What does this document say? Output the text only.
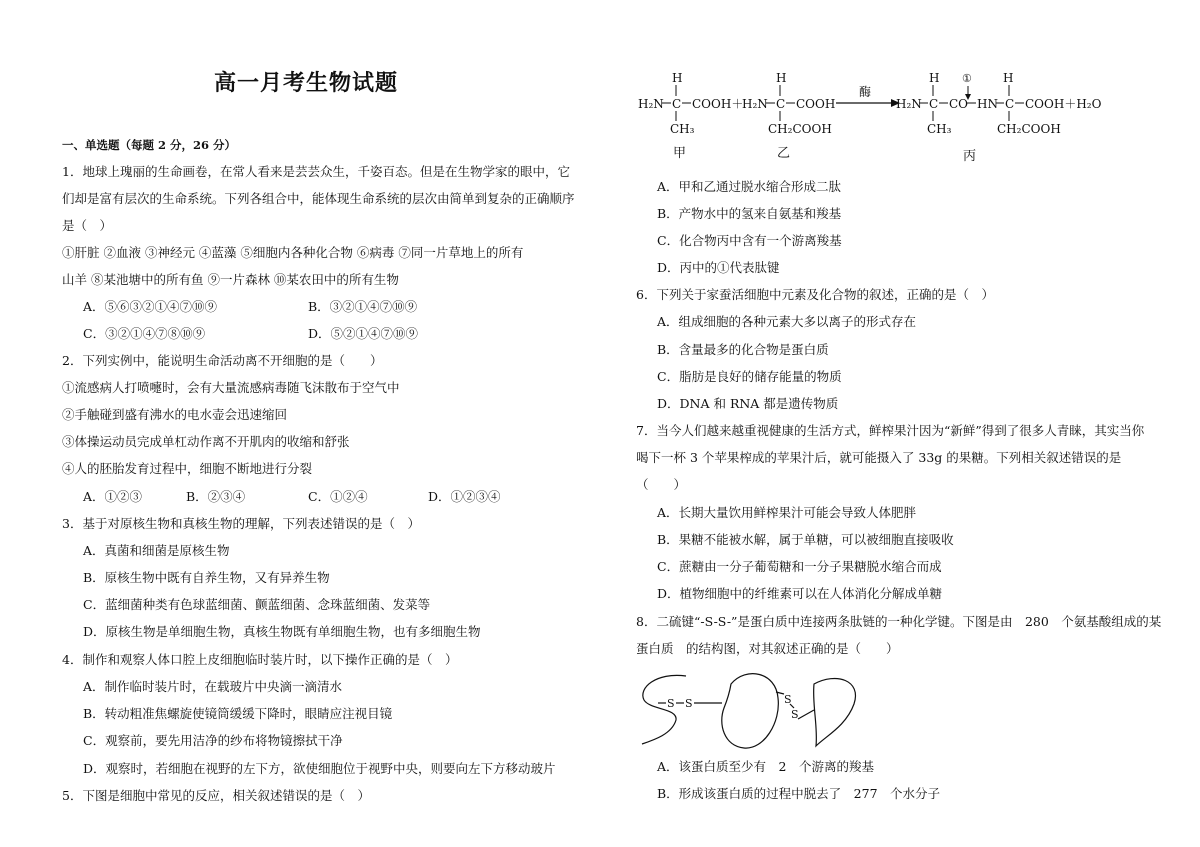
高一月考生物试题
一、单选题（每题 2 分，26 分）
1．地球上瑰丽的生命画卷，在常人看来是芸芸众生，千姿百态。但是在生物学家的眼中，它
们却是富有层次的生命系统。下列各组合中，能体现生命系统的层次由简单到复杂的正确顺序
是（　）
①肝脏 ②血液 ③神经元 ④蓝藻 ⑤细胞内各种化合物 ⑥病毒 ⑦同一片草地上的所有
山羊 ⑧某池塘中的所有鱼 ⑨一片森林 ⑩某农田中的所有生物
A．⑤⑥③②①④⑦⑩⑨	B．③②①④⑦⑩⑨
C．③②①④⑦⑧⑩⑨	D．⑤②①④⑦⑩⑨
2．下列实例中，能说明生命活动离不开细胞的是（　　）
①流感病人打喷嚏时，会有大量流感病毒随飞沫散布于空气中
②手触碰到盛有沸水的电水壶会迅速缩回
③体操运动员完成单杠动作离不开肌肉的收缩和舒张
④人的胚胎发育过程中，细胞不断地进行分裂
A．①②③	B．②③④	C．①②④	D．①②③④
3．基于对原核生物和真核生物的理解，下列表述错误的是（　）
A．真菌和细菌是原核生物
B．原核生物中既有自养生物，又有异养生物
C．蓝细菌种类有色球蓝细菌、颤蓝细菌、念珠蓝细菌、发菜等
D．原核生物是单细胞生物，真核生物既有单细胞生物，也有多细胞生物
4．制作和观察人体口腔上皮细胞临时装片时，以下操作正确的是（　）
A．制作临时装片时，在载玻片中央滴一滴清水
B．转动粗准焦螺旋使镜筒缓缓下降时，眼睛应注视目镜
C．观察前，要先用洁净的纱布将物镜擦拭干净
D．观察时，若细胞在视野的左下方，欲使细胞位于视野中央，则要向左下方移动玻片
5．下图是细胞中常见的反应，相关叙述错误的是（　）
H
H₂N C COOH＋
CH₃
甲
H
H₂N C COOH
CH₂COOH
乙
酶
H
H₂N C CO
①
HN
H
C COOH＋H₂O
CH₃	CH₂COOH
丙
A．甲和乙通过脱水缩合形成二肽
B．产物水中的氢来自氨基和羧基
C．化合物丙中含有一个游离羧基
D．丙中的①代表肽键
6．下列关于家蚕活细胞中元素及化合物的叙述，正确的是（　）
A．组成细胞的各种元素大多以离子的形式存在
B．含量最多的化合物是蛋白质
C．脂肪是良好的储存能量的物质
D．DNA 和 RNA 都是遗传物质
7．当今人们越来越重视健康的生活方式，鲜榨果汁因为“新鲜”得到了很多人青睐，其实当你
喝下一杯 3 个苹果榨成的苹果汁后，就可能摄入了 33g 的果糖。下列相关叙述错误的是
（　　）
A．长期大量饮用鲜榨果汁可能会导致人体肥胖
B．果糖不能被水解，属于单糖，可以被细胞直接吸收
C．蔗糖由一分子葡萄糖和一分子果糖脱水缩合而成
D．植物细胞中的纤维素可以在人体消化分解成单糖
8．二硫键“-S-S-”是蛋白质中连接两条肽链的一种化学键。下图是由　280　个氨基酸组成的某
蛋白质　的结构图，对其叙述正确的是（　　）
S S	S
S
A．该蛋白质至少有　2　个游离的羧基
B．形成该蛋白质的过程中脱去了　277　个水分子
